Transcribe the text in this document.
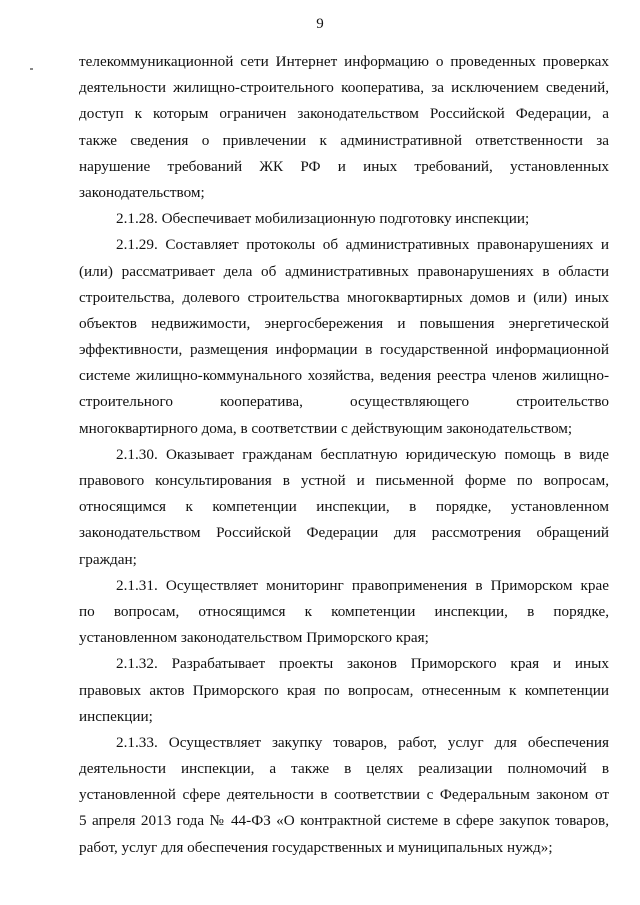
9
телекоммуникационной сети Интернет информацию о проведенных проверках
деятельности жилищно-строительного кооператива, за исключением сведений,
доступ к которым ограничен законодательством Российской Федерации, а
также сведения о привлечении к административной ответственности за
нарушение требований ЖК РФ и иных требований, установленных
законодательством;
2.1.28. Обеспечивает мобилизационную подготовку инспекции;
2.1.29. Составляет протоколы об административных правонарушениях и
(или) рассматривает дела об административных правонарушениях в области
строительства, долевого строительства многоквартирных домов и (или) иных
объектов недвижимости, энергосбережения и повышения энергетической
эффективности, размещения информации в государственной информационной
системе жилищно-коммунального хозяйства, ведения реестра членов жилищно-
строительного кооператива, осуществляющего строительство
многоквартирного дома, в соответствии с действующим законодательством;
2.1.30. Оказывает гражданам бесплатную юридическую помощь в виде
правового консультирования в устной и письменной форме по вопросам,
относящимся к компетенции инспекции, в порядке, установленном
законодательством Российской Федерации для рассмотрения обращений
граждан;
2.1.31. Осуществляет мониторинг правоприменения в Приморском крае
по вопросам, относящимся к компетенции инспекции, в порядке,
установленном законодательством Приморского края;
2.1.32. Разрабатывает проекты законов Приморского края и иных
правовых актов Приморского края по вопросам, отнесенным к компетенции
инспекции;
2.1.33. Осуществляет закупку товаров, работ, услуг для обеспечения
деятельности инспекции, а также в целях реализации полномочий в
установленной сфере деятельности в соответствии с Федеральным законом от
5 апреля 2013 года № 44-ФЗ «О контрактной системе в сфере закупок товаров,
работ, услуг для обеспечения государственных и муниципальных нужд»;
